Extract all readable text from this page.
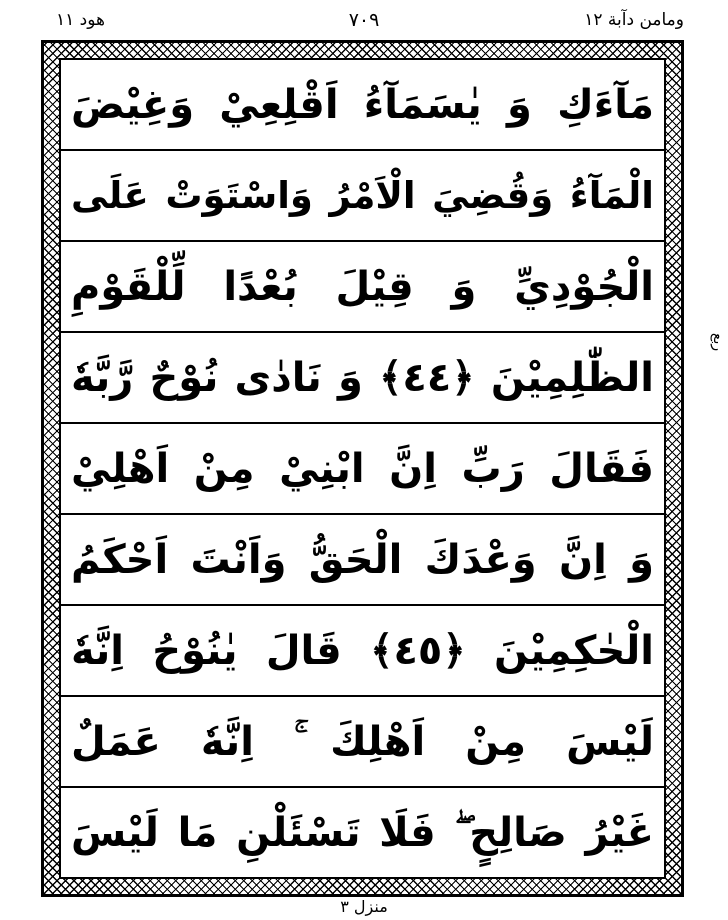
هود ١١	٧٠٩	ومامن دآبة ١٢
مَآءَكِ وَ يٰسَمَآءُ اَقْلِعِيْ وَغِيْضَ
الْمَآءُ وَقُضِيَ الْاَمْرُ وَاسْتَوَتْ عَلَى
الْجُوْدِيِّ وَ قِيْلَ بُعْدًا لِّلْقَوْمِ
الظّٰلِمِيْنَ ﴿٤٤﴾ وَ نَادٰى نُوْحٌ رَّبَّهٗ
فَقَالَ رَبِّ اِنَّ ابْنِيْ مِنْ اَهْلِيْ
وَ اِنَّ وَعْدَكَ الْحَقُّ وَاَنْتَ اَحْكَمُ
الْحٰكِمِيْنَ ﴿٤٥﴾ قَالَ يٰنُوْحُ اِنَّهٗ
لَيْسَ مِنْ اَهْلِكَ ۚ اِنَّهٗ عَمَلٌ
غَيْرُ صَالِحٍ ۖ فَلَا تَسْئَلْنِ مَا لَيْسَ
ربع
منزل ٣
